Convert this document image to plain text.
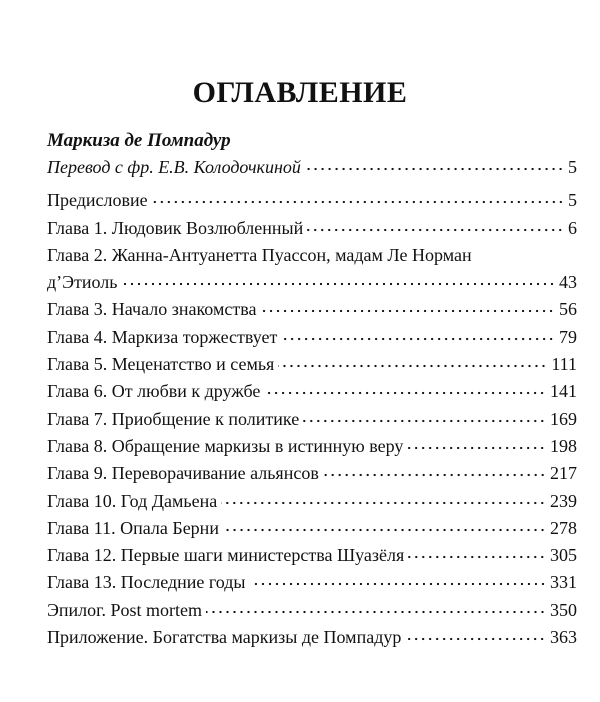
ОГЛАВЛЕНИЕ
Маркиза де Помпадур
Перевод с фр. Е.В. Колодочкиной	5
Предисловие	5
Глава 1. Людовик Возлюбленный	6
Глава 2. Жанна-Антуанетта Пуассон, мадам Ле Норман
д’Этиоль	43
Глава 3. Начало знакомства	56
Глава 4. Маркиза торжествует	79
Глава 5. Меценатство и семья	111
Глава 6. От любви к дружбе	141
Глава 7. Приобщение к политике	169
Глава 8. Обращение маркизы в истинную веру	198
Глава 9. Переворачивание альянсов	217
Глава 10. Год Дамьена	239
Глава 11. Опала Берни	278
Глава 12. Первые шаги министерства Шуазёля	305
Глава 13. Последние годы	331
Эпилог. Post mortem	350
Приложение. Богатства маркизы де Помпадур	363
